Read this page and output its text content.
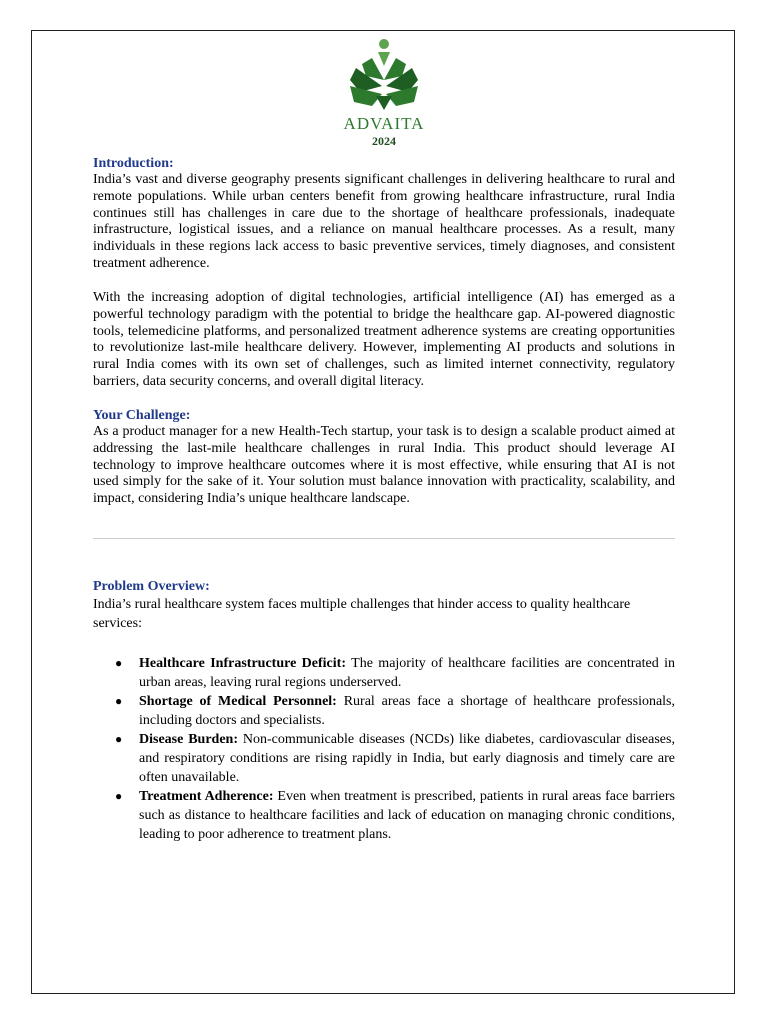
ADVAITA
2024

Introduction:

India’s vast and diverse geography presents significant challenges in delivering healthcare to rural and remote populations. While urban centers benefit from growing healthcare infrastructure, rural India continues still has challenges in care due to the shortage of healthcare professionals, inadequate infrastructure, logistical issues, and a reliance on manual healthcare processes. As a result, many individuals in these regions lack access to basic preventive services, timely diagnoses, and consistent treatment adherence.

With the increasing adoption of digital technologies, artificial intelligence (AI) has emerged as a powerful technology paradigm with the potential to bridge the healthcare gap. AI-powered diagnostic tools, telemedicine platforms, and personalized treatment adherence systems are creating opportunities to revolutionize last-mile healthcare delivery. However, implementing AI products and solutions in rural India comes with its own set of challenges, such as limited internet connectivity, regulatory barriers, data security concerns, and overall digital literacy.

Your Challenge:

As a product manager for a new Health-Tech startup, your task is to design a scalable product aimed at addressing the last-mile healthcare challenges in rural India. This product should leverage AI technology to improve healthcare outcomes where it is most effective, while ensuring that AI is not used simply for the sake of it. Your solution must balance innovation with practicality, scalability, and impact, considering India’s unique healthcare landscape.

Problem Overview:

India’s rural healthcare system faces multiple challenges that hinder access to quality healthcare services:

● Healthcare Infrastructure Deficit: The majority of healthcare facilities are concentrated in urban areas, leaving rural regions underserved.
● Shortage of Medical Personnel: Rural areas face a shortage of healthcare professionals, including doctors and specialists.
● Disease Burden: Non-communicable diseases (NCDs) like diabetes, cardiovascular diseases, and respiratory conditions are rising rapidly in India, but early diagnosis and timely care are often unavailable.
● Treatment Adherence: Even when treatment is prescribed, patients in rural areas face barriers such as distance to healthcare facilities and lack of education on managing chronic conditions, leading to poor adherence to treatment plans.
